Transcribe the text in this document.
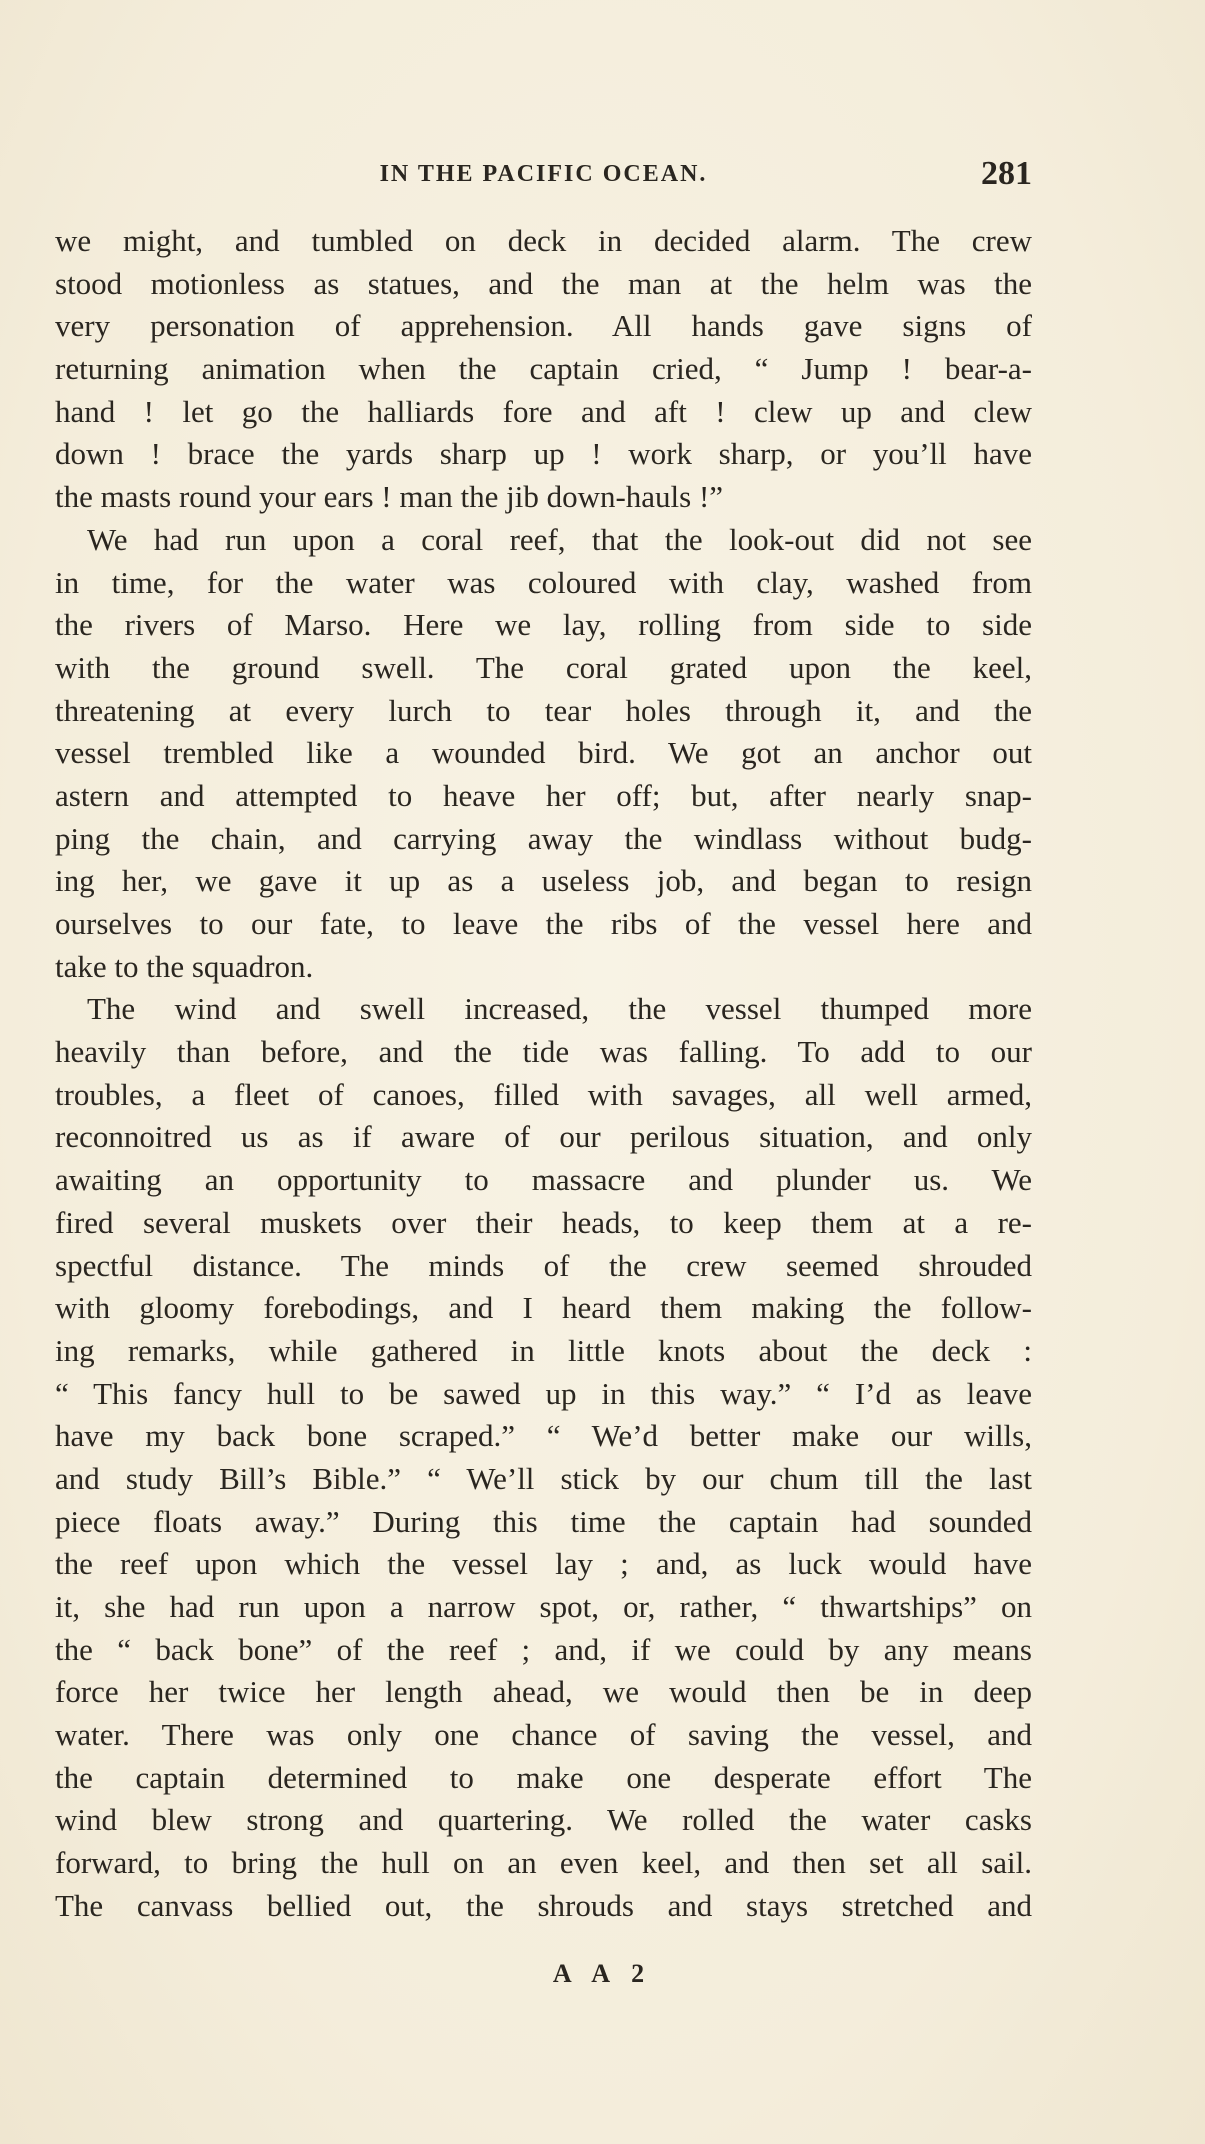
IN THE PACIFIC OCEAN.	281
we might, and tumbled on deck in decided alarm. The crew
stood motionless as statues, and the man at the helm was the
very personation of apprehension. All hands gave signs of
returning animation when the captain cried, “ Jump ! bear-a-
hand ! let go the halliards fore and aft ! clew up and clew
down ! brace the yards sharp up ! work sharp, or you’ll have
the masts round your ears ! man the jib down-hauls !”
We had run upon a coral reef, that the look-out did not see
in time, for the water was coloured with clay, washed from
the rivers of Marso. Here we lay, rolling from side to side
with the ground swell. The coral grated upon the keel,
threatening at every lurch to tear holes through it, and the
vessel trembled like a wounded bird. We got an anchor out
astern and attempted to heave her off; but, after nearly snap-
ping the chain, and carrying away the windlass without budg-
ing her, we gave it up as a useless job, and began to resign
ourselves to our fate, to leave the ribs of the vessel here and
take to the squadron.
The wind and swell increased, the vessel thumped more
heavily than before, and the tide was falling. To add to our
troubles, a fleet of canoes, filled with savages, all well armed,
reconnoitred us as if aware of our perilous situation, and only
awaiting an opportunity to massacre and plunder us. We
fired several muskets over their heads, to keep them at a re-
spectful distance. The minds of the crew seemed shrouded
with gloomy forebodings, and I heard them making the follow-
ing remarks, while gathered in little knots about the deck :
“ This fancy hull to be sawed up in this way.” “ I’d as leave
have my back bone scraped.” “ We’d better make our wills,
and study Bill’s Bible.” “ We’ll stick by our chum till the last
piece floats away.” During this time the captain had sounded
the reef upon which the vessel lay ; and, as luck would have
it, she had run upon a narrow spot, or, rather, “ thwartships” on
the “ back bone” of the reef ; and, if we could by any means
force her twice her length ahead, we would then be in deep
water. There was only one chance of saving the vessel, and
the captain determined to make one desperate effort The
wind blew strong and quartering. We rolled the water casks
forward, to bring the hull on an even keel, and then set all sail.
The canvass bellied out, the shrouds and stays stretched and
A A 2
